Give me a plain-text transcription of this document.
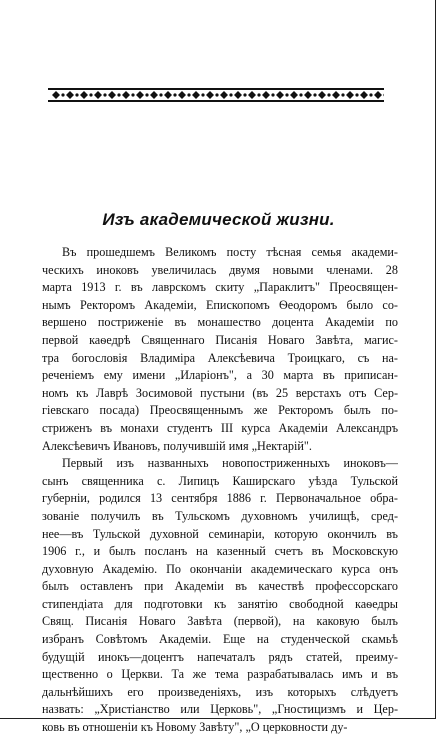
Изъ академической жизни.
Въ прошедшемъ Великомъ посту тѣсная семья академи-
ческихъ иноковъ увеличилась двумя новыми членами. 28
марта 1913 г. въ лаврскомъ скиту „Параклитъ" Преосвящен-
нымъ Ректоромъ Академіи, Епископомъ Ѳеодоромъ было со-
вершено постриженіе въ монашество доцента Академіи по
первой каѳедрѣ Священнаго Писанія Новаго Завѣта, магис-
тра богословія Владиміра Алексѣевича Троицкаго, съ на-
реченіемъ ему имени „Иларіонъ", а 30 марта въ приписан-
номъ къ Лаврѣ Зосимовой пустыни (въ 25 верстахъ отъ Сер-
гіевскаго посада) Преосвященнымъ же Ректоромъ былъ по-
стриженъ въ монахи студентъ III курса Академіи Александръ
Алексѣевичъ Ивановъ, получившій имя „Нектарій".
Первый изъ названныхъ новопостриженныхъ иноковъ—
сынъ священника с. Липицъ Каширскаго уѣзда Тульской
губерніи, родился 13 сентября 1886 г. Первоначальное обра-
зованіе получилъ въ Тульскомъ духовномъ училищѣ, сред-
нее—въ Тульской духовной семинаріи, которую окончилъ въ
1906 г., и былъ посланъ на казенный счетъ въ Московскую
духовную Академію. По окончаніи академическаго курса онъ
былъ оставленъ при Академіи въ качествѣ профессорскаго
стипендіата для подготовки къ занятію свободной каѳедры
Свящ. Писанія Новаго Завѣта (первой), на каковую былъ
избранъ Совѣтомъ Академіи. Еще на студенческой скамьѣ
будущій инокъ—доцентъ напечаталъ рядъ статей, преиму-
щественно о Церкви. Та же тема разрабатывалась имъ и въ
дальнѣйшихъ его произведеніяхъ, изъ которыхъ слѣдуетъ
назвать: „Христіанство или Церковь", „Гностицизмъ и Цер-
ковь въ отношеніи къ Новому Завѣту", „О церковности ду-
